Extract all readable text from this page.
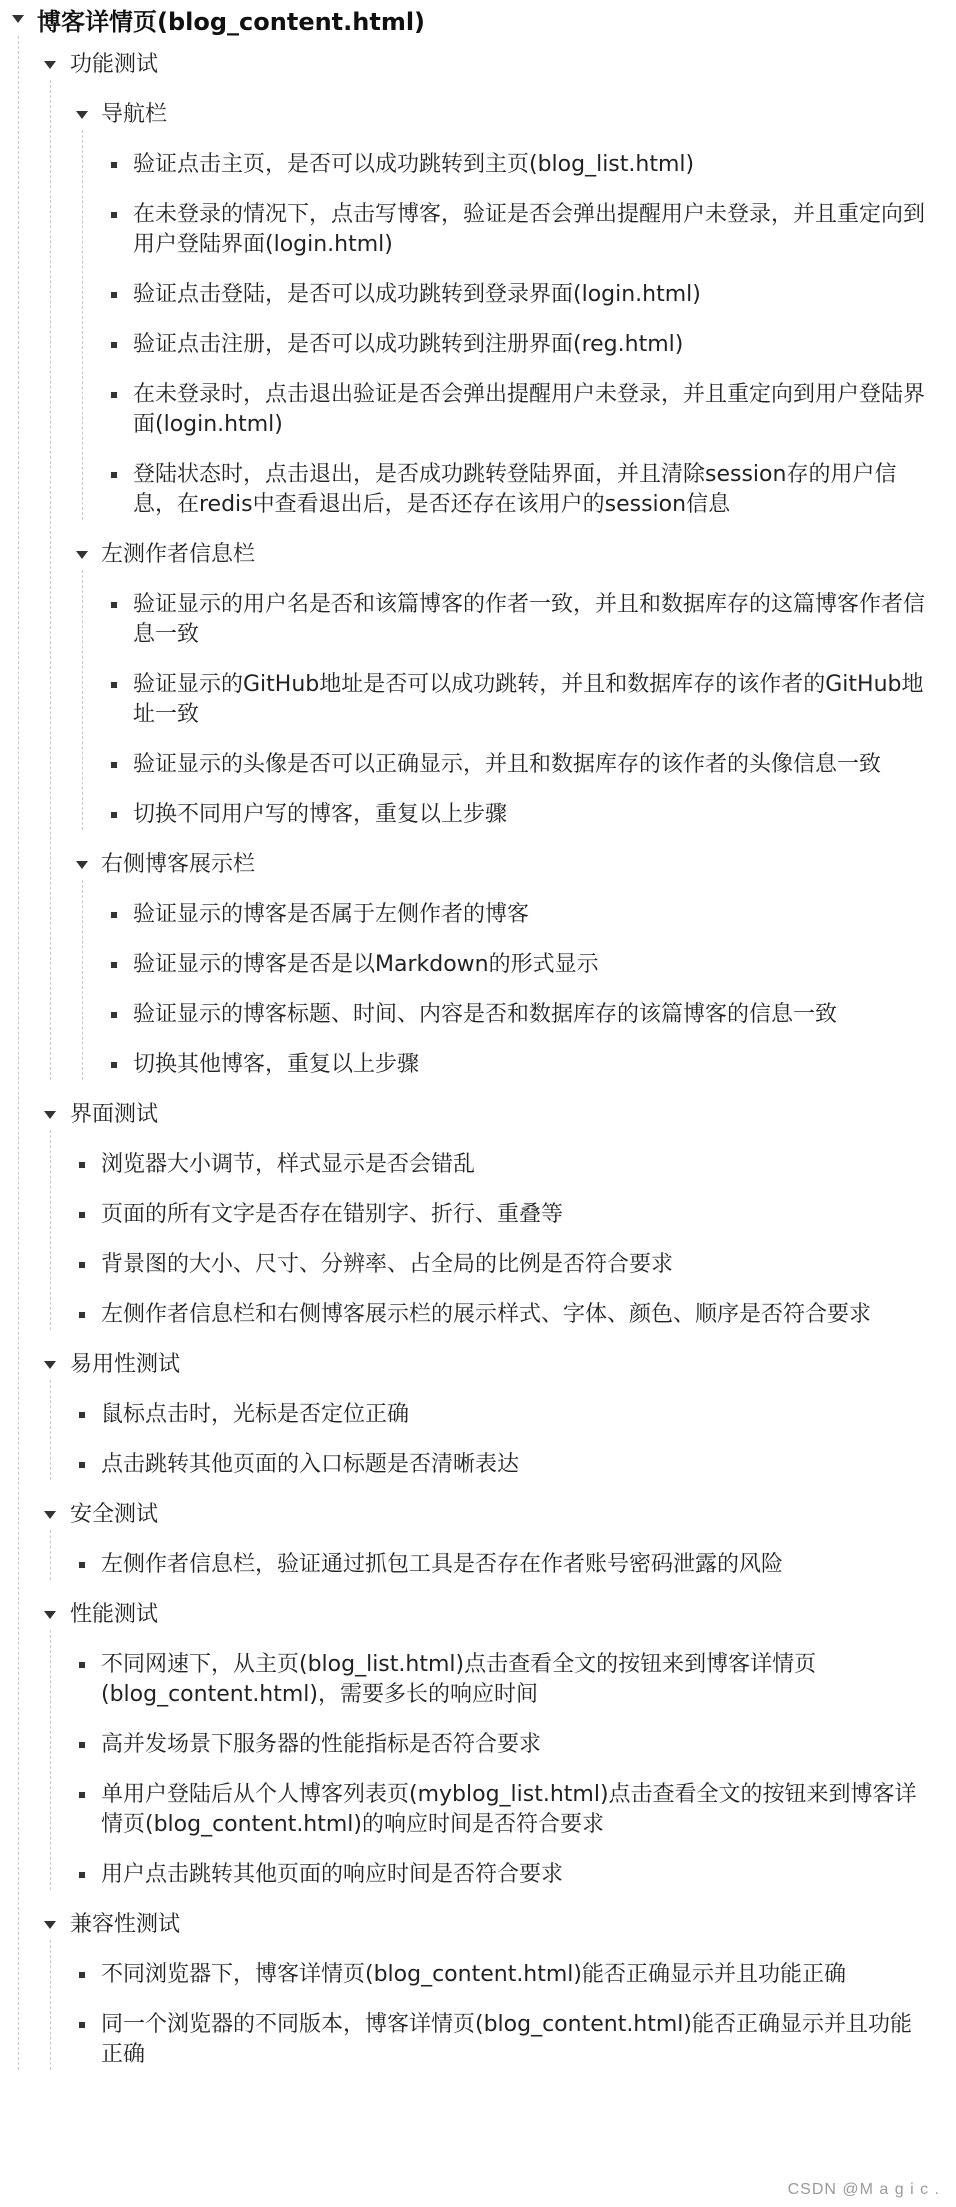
博客详情页(blog_content.html)
功能测试
导航栏
验证点击主页，是否可以成功跳转到主页(blog_list.html)
在未登录的情况下，点击写博客，验证是否会弹出提醒用户未登录，并且重定向到用户登陆界面(login.html)
验证点击登陆，是否可以成功跳转到登录界面(login.html)
验证点击注册，是否可以成功跳转到注册界面(reg.html)
在未登录时，点击退出验证是否会弹出提醒用户未登录，并且重定向到用户登陆界面(login.html)
登陆状态时，点击退出，是否成功跳转登陆界面，并且清除session存的用户信息，在redis中查看退出后，是否还存在该用户的session信息
左测作者信息栏
验证显示的用户名是否和该篇博客的作者一致，并且和数据库存的这篇博客作者信息一致
验证显示的GitHub地址是否可以成功跳转，并且和数据库存的该作者的GitHub地址一致
验证显示的头像是否可以正确显示，并且和数据库存的该作者的头像信息一致
切换不同用户写的博客，重复以上步骤
右侧博客展示栏
验证显示的博客是否属于左侧作者的博客
验证显示的博客是否是以Markdown的形式显示
验证显示的博客标题、时间、内容是否和数据库存的该篇博客的信息一致
切换其他博客，重复以上步骤
界面测试
浏览器大小调节，样式显示是否会错乱
页面的所有文字是否存在错别字、折行、重叠等
背景图的大小、尺寸、分辨率、占全局的比例是否符合要求
左侧作者信息栏和右侧博客展示栏的展示样式、字体、颜色、顺序是否符合要求
易用性测试
鼠标点击时，光标是否定位正确
点击跳转其他页面的入口标题是否清晰表达
安全测试
左侧作者信息栏，验证通过抓包工具是否存在作者账号密码泄露的风险
性能测试
不同网速下，从主页(blog_list.html)点击查看全文的按钮来到博客详情页(blog_content.html)，需要多长的响应时间
高并发场景下服务器的性能指标是否符合要求
单用户登陆后从个人博客列表页(myblog_list.html)点击查看全文的按钮来到博客详情页(blog_content.html)的响应时间是否符合要求
用户点击跳转其他页面的响应时间是否符合要求
兼容性测试
不同浏览器下，博客详情页(blog_content.html)能否正确显示并且功能正确
同一个浏览器的不同版本，博客详情页(blog_content.html)能否正确显示并且功能正确
CSDN @M a g i c .
